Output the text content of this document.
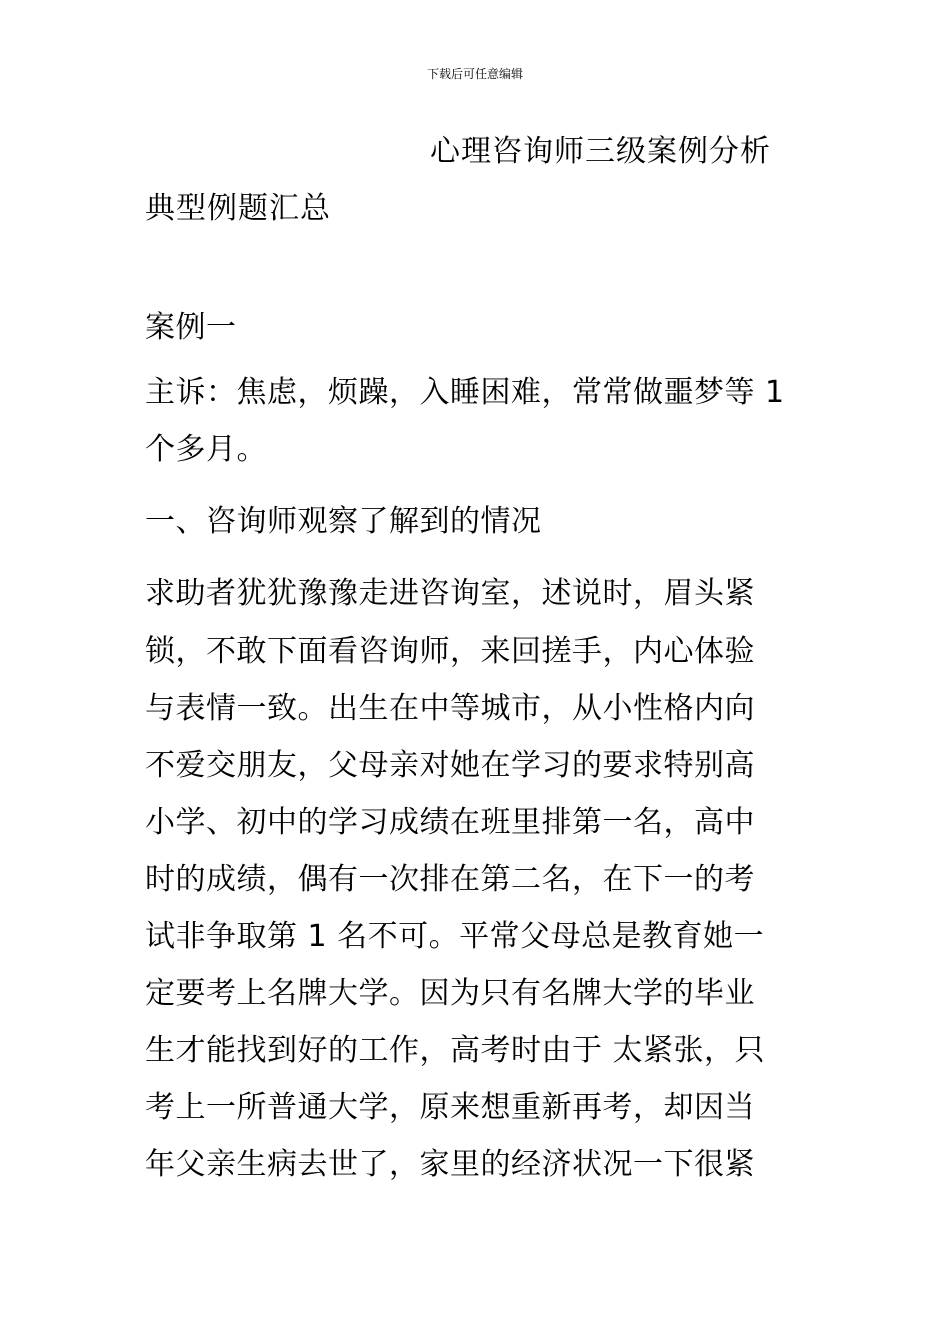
下载后可任意编辑
心理咨询师三级案例分析
典型例题汇总
案例一
主诉：焦虑，烦躁，入睡困难，常常做噩梦等 1
个多月。
一、咨询师观察了解到的情况
求助者犹犹豫豫走进咨询室，述说时，眉头紧
锁，不敢下面看咨询师，来回搓手，内心体验
与表情一致。出生在中等城市，从小性格内向
不爱交朋友，父母亲对她在学习的要求特别高
小学、初中的学习成绩在班里排第一名，高中
时的成绩，偶有一次排在第二名，在下一的考
试非争取第 1 名不可。平常父母总是教育她一
定要考上名牌大学。因为只有名牌大学的毕业
生才能找到好的工作，高考时由于 太紧张，只
考上一所普通大学，原来想重新再考，却因当
年父亲生病去世了，家里的经济状况一下很紧
